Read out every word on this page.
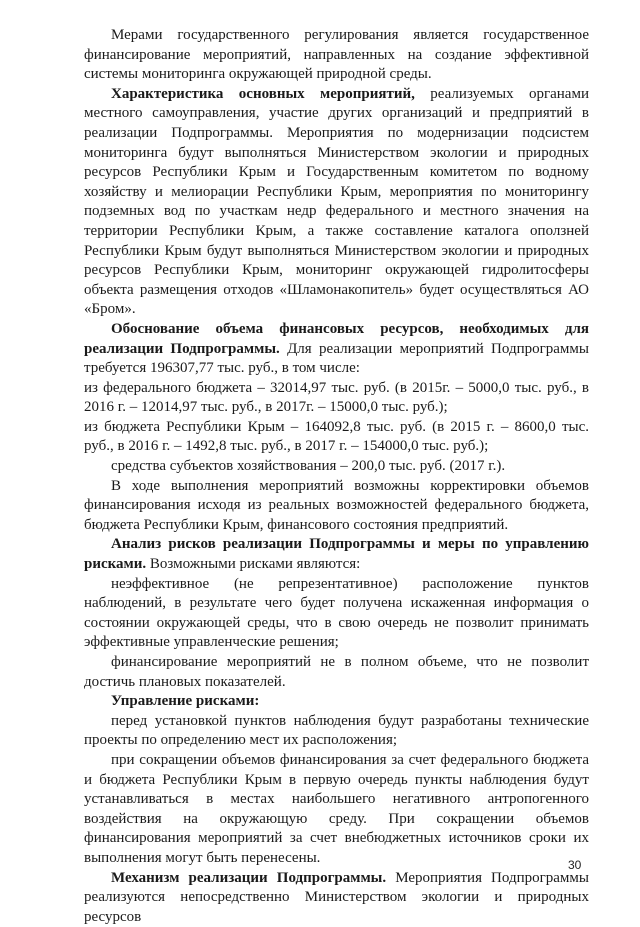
Мерами государственного регулирования является государственное финансирование мероприятий, направленных на создание эффективной системы мониторинга окружающей природной среды.

Характеристика основных мероприятий, реализуемых органами местного самоуправления, участие других организаций и предприятий в реализации Подпрограммы. Мероприятия по модернизации подсистем мониторинга будут выполняться Министерством экологии и природных ресурсов Республики Крым и Государственным комитетом по водному хозяйству и мелиорации Республики Крым, мероприятия по мониторингу подземных вод по участкам недр федерального и местного значения на территории Республики Крым, а также составление каталога оползней Республики Крым будут выполняться Министерством экологии и природных ресурсов Республики Крым, мониторинг окружающей гидролитосферы объекта размещения отходов «Шламонакопитель» будет осуществляться АО «Бром».

Обоснование объема финансовых ресурсов, необходимых для реализации Подпрограммы. Для реализации мероприятий Подпрограммы требуется 196307,77 тыс. руб., в том числе:

из федерального бюджета – 32014,97 тыс. руб. (в 2015г. – 5000,0 тыс. руб., в 2016 г. – 12014,97 тыс. руб., в 2017г. – 15000,0 тыс. руб.);

из бюджета Республики Крым – 164092,8 тыс. руб. (в 2015 г. – 8600,0 тыс. руб., в 2016 г. – 1492,8 тыс. руб., в 2017 г. – 154000,0 тыс. руб.);

средства субъектов хозяйствования – 200,0 тыс. руб. (2017 г.).

В ходе выполнения мероприятий возможны корректировки объемов финансирования исходя из реальных возможностей федерального бюджета, бюджета Республики Крым, финансового состояния предприятий.

Анализ рисков реализации Подпрограммы и меры по управлению рисками. Возможными рисками являются:

неэффективное (не репрезентативное) расположение пунктов наблюдений, в результате чего будет получена искаженная информация о состоянии окружающей среды, что в свою очередь не позволит принимать эффективные управленческие решения;

финансирование мероприятий не в полном объеме, что не позволит достичь плановых показателей.

Управление рисками:

перед установкой пунктов наблюдения будут разработаны технические проекты по определению мест их расположения;

при сокращении объемов финансирования за счет федерального бюджета и бюджета Республики Крым в первую очередь пункты наблюдения будут устанавливаться в местах наибольшего негативного антропогенного воздействия на окружающую среду. При сокращении объемов финансирования мероприятий за счет внебюджетных источников сроки их выполнения могут быть перенесены.

Механизм реализации Подпрограммы. Мероприятия Подпрограммы реализуются непосредственно Министерством экологии и природных ресурсов

30
